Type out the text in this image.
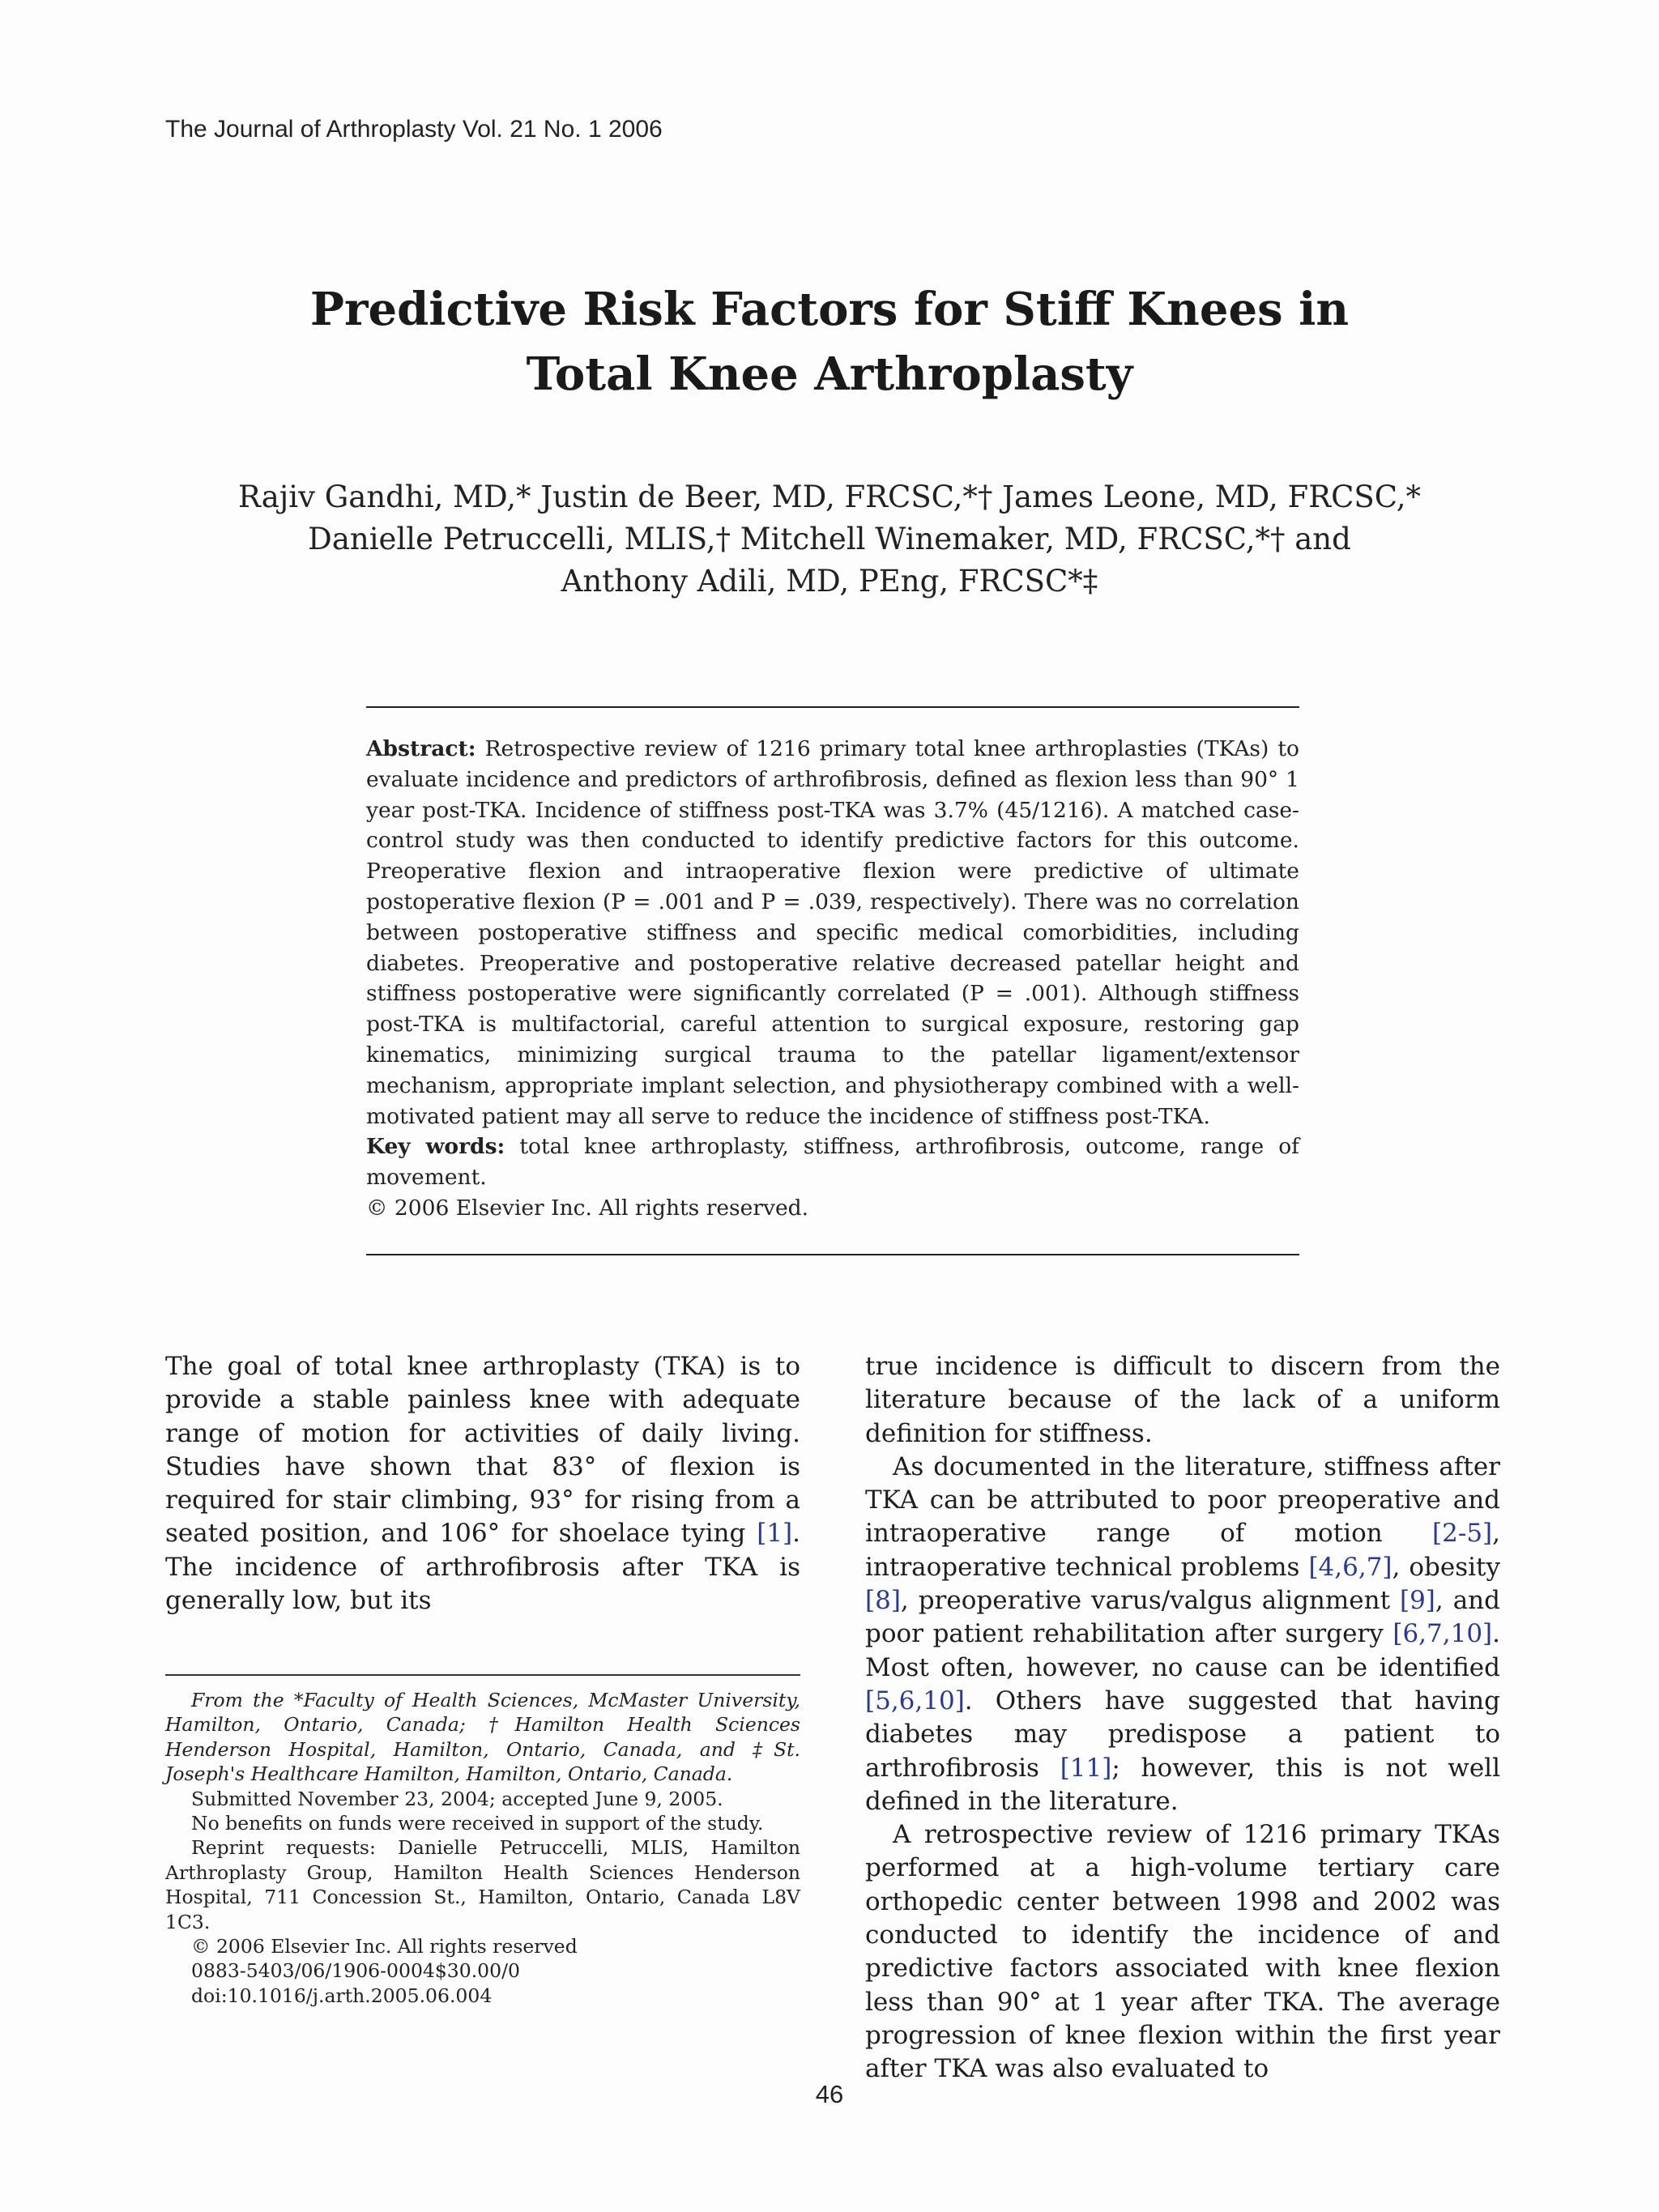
The Journal of Arthroplasty Vol. 21 No. 1 2006
Predictive Risk Factors for Stiff Knees in
Total Knee Arthroplasty
Rajiv Gandhi, MD,* Justin de Beer, MD, FRCSC,*† James Leone, MD, FRCSC,*
Danielle Petruccelli, MLIS,† Mitchell Winemaker, MD, FRCSC,*† and
Anthony Adili, MD, PEng, FRCSC*‡

Abstract: Retrospective review of 1216 primary total knee arthroplasties (TKAs) to evaluate incidence and predictors of arthrofibrosis, defined as flexion less than 90° 1 year post-TKA. Incidence of stiffness post-TKA was 3.7% (45/1216). A matched case-control study was then conducted to identify predictive factors for this outcome. Preoperative flexion and intraoperative flexion were predictive of ultimate postoperative flexion (P = .001 and P = .039, respectively). There was no correlation between postoperative stiffness and specific medical comorbidities, including diabetes. Preoperative and postoperative relative decreased patellar height and stiffness postoperative were significantly correlated (P = .001). Although stiffness post-TKA is multifactorial, careful attention to surgical exposure, restoring gap kinematics, minimizing surgical trauma to the patellar ligament/extensor mechanism, appropriate implant selection, and physiotherapy combined with a well-motivated patient may all serve to reduce the incidence of stiffness post-TKA.

Key words: total knee arthroplasty, stiffness, arthrofibrosis, outcome, range of movement.

© 2006 Elsevier Inc. All rights reserved.

The goal of total knee arthroplasty (TKA) is to provide a stable painless knee with adequate range of motion for activities of daily living. Studies have shown that 83° of flexion is required for stair climbing, 93° for rising from a seated position, and 106° for shoelace tying [1]. The incidence of arthrofibrosis after TKA is generally low, but its

From the *Faculty of Health Sciences, McMaster University, Hamilton, Ontario, Canada; †Hamilton Health Sciences Henderson Hospital, Hamilton, Ontario, Canada, and ‡St. Joseph's Healthcare Hamilton, Hamilton, Ontario, Canada.

Submitted November 23, 2004; accepted June 9, 2005.

No benefits on funds were received in support of the study.

Reprint requests: Danielle Petruccelli, MLIS, Hamilton Arthroplasty Group, Hamilton Health Sciences Henderson Hospital, 711 Concession St., Hamilton, Ontario, Canada L8V 1C3.

© 2006 Elsevier Inc. All rights reserved

0883-5403/06/1906-0004$30.00/0

doi:10.1016/j.arth.2005.06.004

true incidence is difficult to discern from the literature because of the lack of a uniform definition for stiffness.

As documented in the literature, stiffness after TKA can be attributed to poor preoperative and intraoperative range of motion [2-5], intraoperative technical problems [4,6,7], obesity [8], preoperative varus/valgus alignment [9], and poor patient rehabilitation after surgery [6,7,10]. Most often, however, no cause can be identified [5,6,10]. Others have suggested that having diabetes may predispose a patient to arthrofibrosis [11]; however, this is not well defined in the literature.

A retrospective review of 1216 primary TKAs performed at a high-volume tertiary care orthopedic center between 1998 and 2002 was conducted to identify the incidence of and predictive factors associated with knee flexion less than 90° at 1 year after TKA. The average progression of knee flexion within the first year after TKA was also evaluated to

46
